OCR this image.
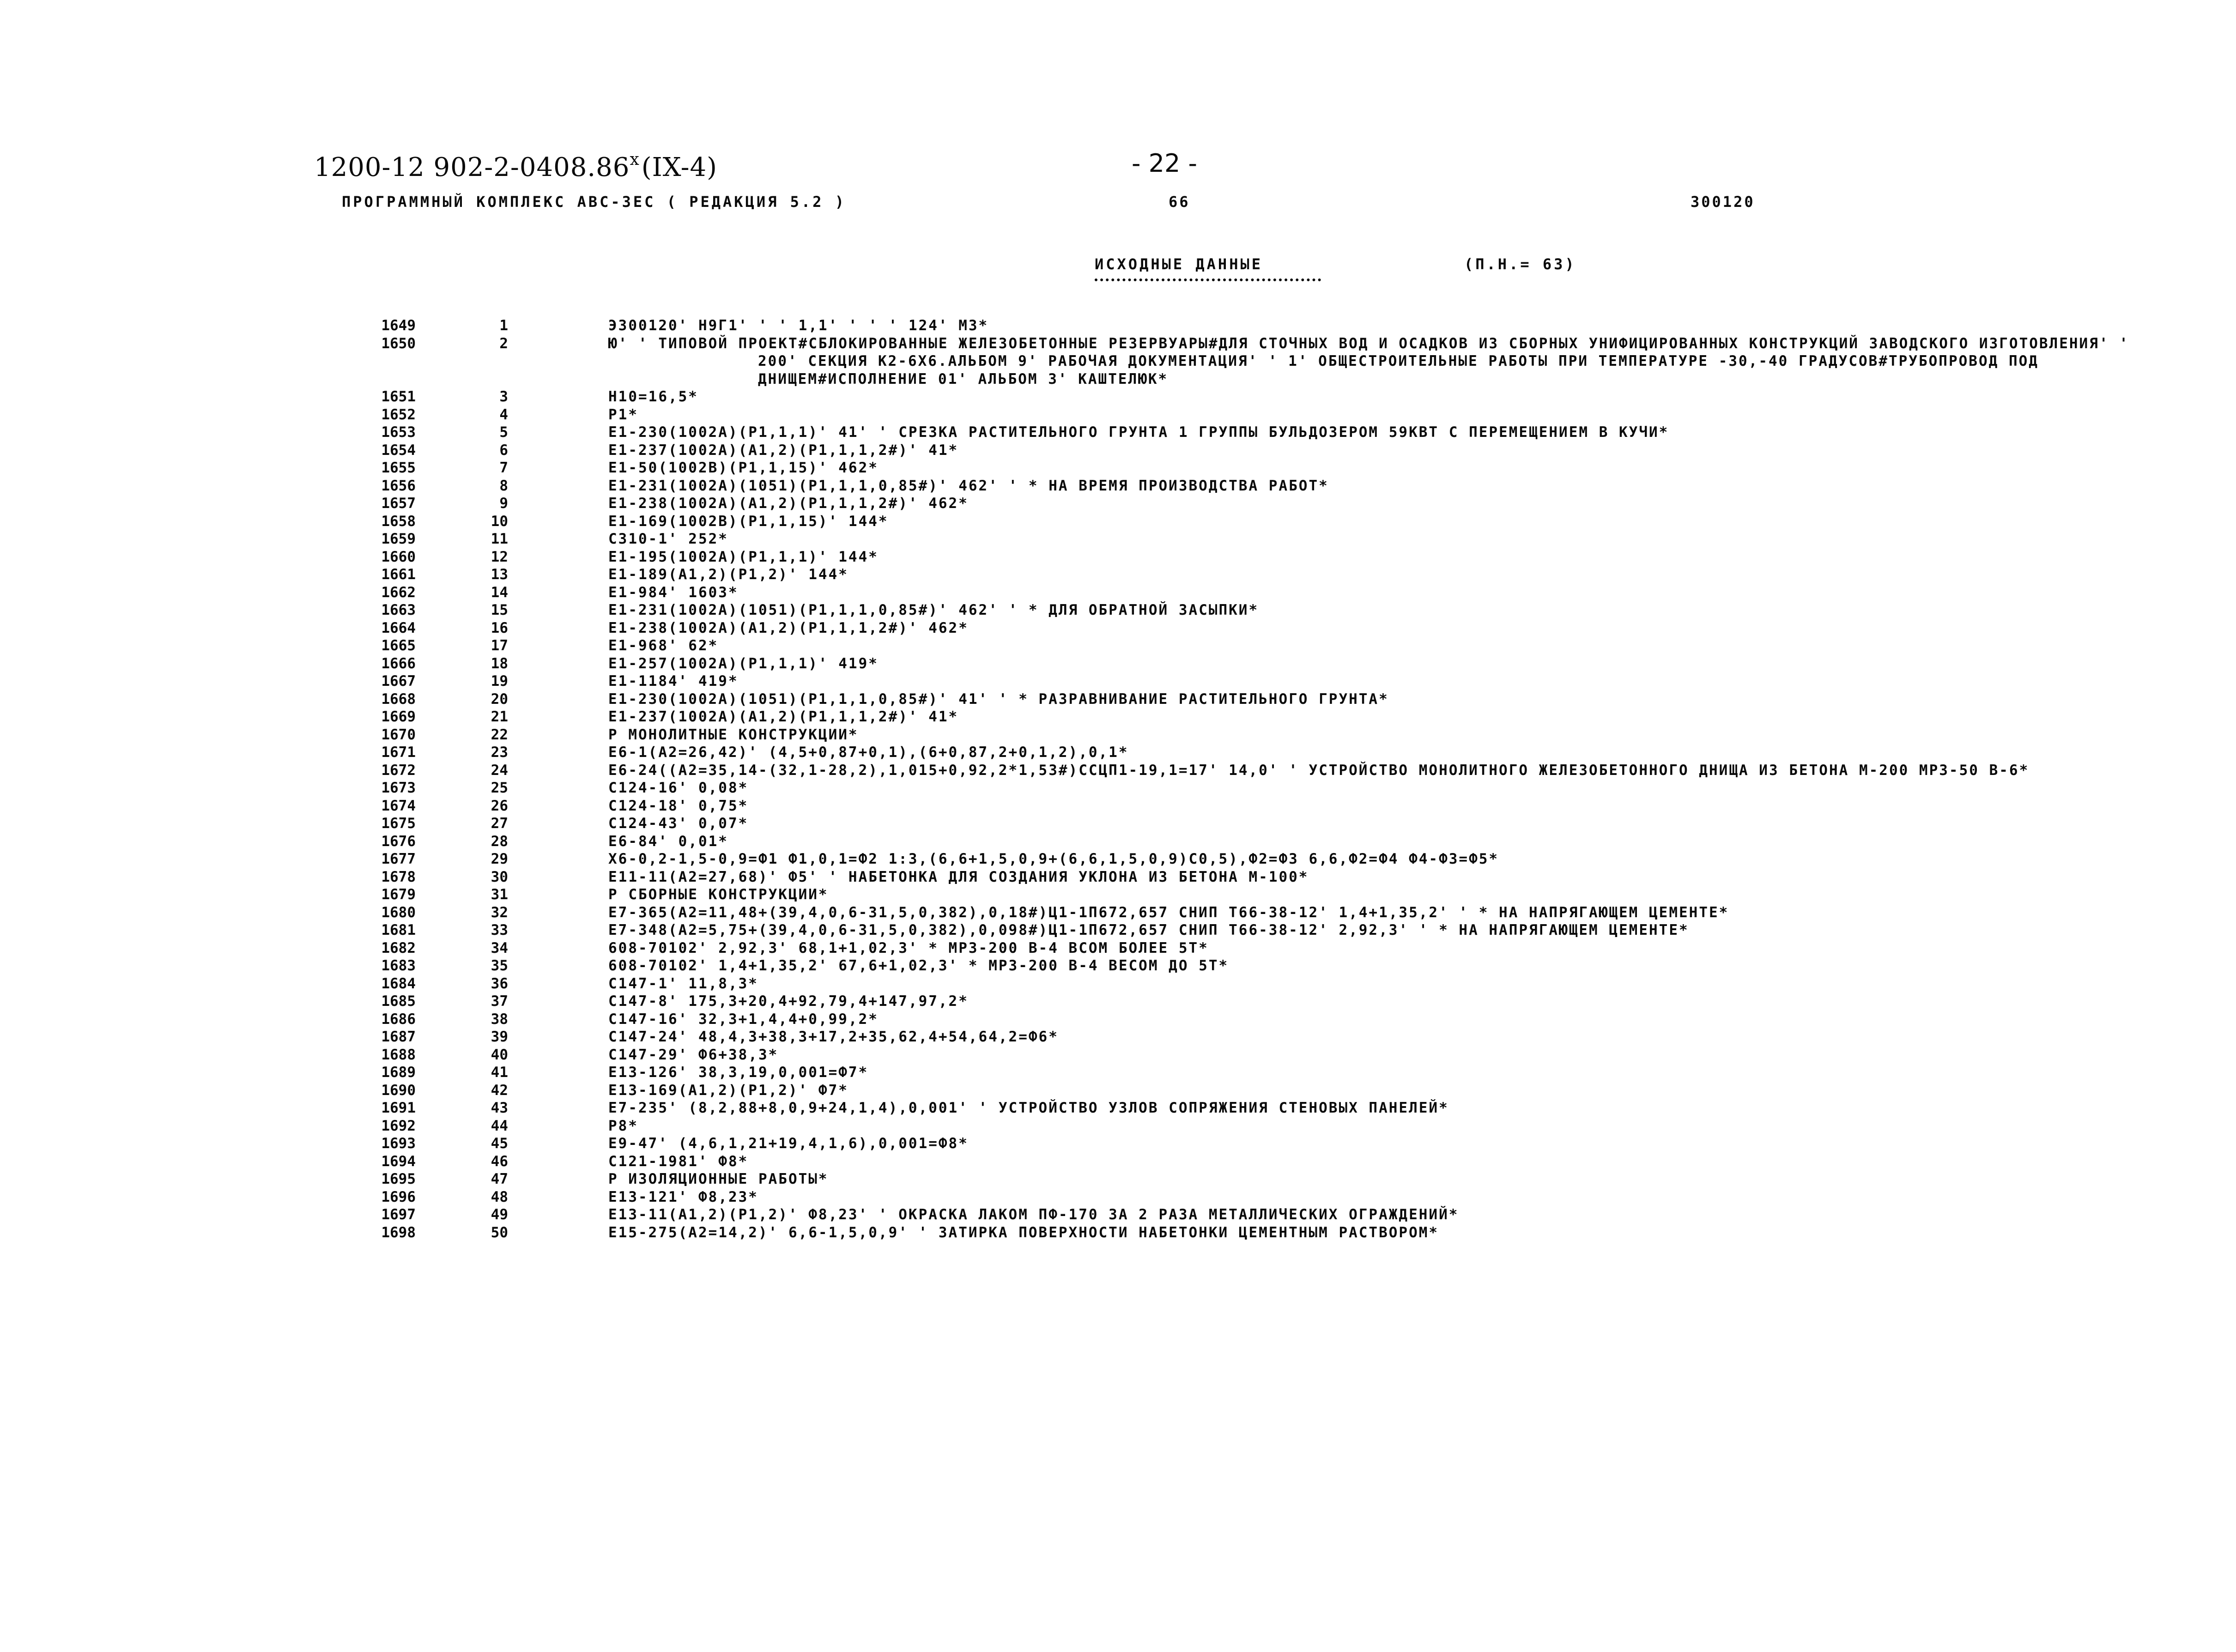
1200-12 902-2-0408.86$^x$(IX-4)	- 22 -
ПРОГРАММНЫЙ КОМПЛЕКС АВС-3ЕС ( РЕДАКЦИЯ 5.2 )	66	300120
ИСХОДНЫЕ ДАННЫЕ	(П.Н.= 63)
1649	1	Э300120' Н9Г1' ' ' 1,1' ' ' ' 124' М3*
1650	2	Ю' ' ТИПОВОЙ ПРОЕКТ#СБЛОКИРОВАННЫЕ ЖЕЛЕЗОБЕТОННЫЕ РЕЗЕРВУАРЫ#ДЛЯ СТОЧНЫХ ВОД И ОСАДКОВ ИЗ СБОРНЫХ УНИФИЦИРОВАННЫХ КОНСТРУКЦИЙ ЗАВОДСКОГО ИЗГОТОВЛЕНИЯ' ' 200' СЕКЦИЯ К2-6Х6.АЛЬБОМ 9' РАБОЧАЯ ДОКУМЕНТАЦИЯ' ' 1' ОБЩЕСТРОИТЕЛЬНЫЕ РАБОТЫ ПРИ ТЕМПЕРАТУРЕ -30,-40 ГРАДУСОВ#ТРУБОПРОВОД ПОД ДНИЩЕМ#ИСПОЛНЕНИЕ 01' АЛЬБОМ 3' КАШТЕЛЮК*
1651	3	Н10=16,5*
1652	4	Р1*
1653	5	Е1-230(1002А)(Р1,1,1)' 41' ' СРЕЗКА РАСТИТЕЛЬНОГО ГРУНТА 1 ГРУППЫ БУЛЬДОЗЕРОМ 59КВТ С ПЕРЕМЕЩЕНИЕМ В КУЧИ*
1654	6	Е1-237(1002А)(А1,2)(Р1,1,1,2#)' 41*
1655	7	Е1-50(1002В)(Р1,1,15)' 462*
1656	8	Е1-231(1002А)(1051)(Р1,1,1,0,85#)' 462' ' * НА ВРЕМЯ ПРОИЗВОДСТВА РАБОТ*
1657	9	Е1-238(1002А)(А1,2)(Р1,1,1,2#)' 462*
1658	10	Е1-169(1002В)(Р1,1,15)' 144*
1659	11	С310-1' 252*
1660	12	Е1-195(1002А)(Р1,1,1)' 144*
1661	13	Е1-189(А1,2)(Р1,2)' 144*
1662	14	Е1-984' 1603*
1663	15	Е1-231(1002А)(1051)(Р1,1,1,0,85#)' 462' ' * ДЛЯ ОБРАТНОЙ ЗАСЫПКИ*
1664	16	Е1-238(1002А)(А1,2)(Р1,1,1,2#)' 462*
1665	17	Е1-968' 62*
1666	18	Е1-257(1002А)(Р1,1,1)' 419*
1667	19	Е1-1184' 419*
1668	20	Е1-230(1002А)(1051)(Р1,1,1,0,85#)' 41' ' * РАЗРАВНИВАНИЕ РАСТИТЕЛЬНОГО ГРУНТА*
1669	21	Е1-237(1002А)(А1,2)(Р1,1,1,2#)' 41*
1670	22	Р МОНОЛИТНЫЕ КОНСТРУКЦИИ*
1671	23	Е6-1(А2=26,42)' (4,5+0,87+0,1),(6+0,87,2+0,1,2),0,1*
1672	24	Е6-24((А2=35,14-(32,1-28,2),1,015+0,92,2*1,53#)ССЦП1-19,1=17' 14,0' ' УСТРОЙСТВО МОНОЛИТНОГО ЖЕЛЕЗОБЕТОННОГО ДНИЩА ИЗ БЕТОНА М-200 МРЗ-50 В-6*
1673	25	С124-16' 0,08*
1674	26	С124-18' 0,75*
1675	27	С124-43' 0,07*
1676	28	Е6-84' 0,01*
1677	29	Х6-0,2-1,5-0,9=Ф1 Ф1,0,1=Ф2 1:3,(6,6+1,5,0,9+(6,6,1,5,0,9)С0,5),Ф2=Ф3 6,6,Ф2=Ф4 Ф4-Ф3=Ф5*
1678	30	Е11-11(А2=27,68)' Ф5' ' НАБЕТОНКА ДЛЯ СОЗДАНИЯ УКЛОНА ИЗ БЕТОНА М-100*
1679	31	Р СБОРНЫЕ КОНСТРУКЦИИ*
1680	32	Е7-365(А2=11,48+(39,4,0,6-31,5,0,382),0,18#)Ц1-1П672,657 СНИП Т66-38-12' 1,4+1,35,2' ' * НА НАПРЯГАЮЩЕМ ЦЕМЕНТЕ*
1681	33	Е7-348(А2=5,75+(39,4,0,6-31,5,0,382),0,098#)Ц1-1П672,657 СНИП Т66-38-12' 2,92,3' ' * НА НАПРЯГАЮЩЕМ ЦЕМЕНТЕ*
1682	34	608-70102' 2,92,3' 68,1+1,02,3' * МРЗ-200 В-4 ВСОМ БОЛЕЕ 5Т*
1683	35	608-70102' 1,4+1,35,2' 67,6+1,02,3' * МРЗ-200 В-4 ВЕСОМ ДО 5Т*
1684	36	С147-1' 11,8,3*
1685	37	С147-8' 175,3+20,4+92,79,4+147,97,2*
1686	38	С147-16' 32,3+1,4,4+0,99,2*
1687	39	С147-24' 48,4,3+38,3+17,2+35,62,4+54,64,2=Ф6*
1688	40	С147-29' Ф6+38,3*
1689	41	Е13-126' 38,3,19,0,001=Ф7*
1690	42	Е13-169(А1,2)(Р1,2)' Ф7*
1691	43	Е7-235' (8,2,88+8,0,9+24,1,4),0,001' ' УСТРОЙСТВО УЗЛОВ СОПРЯЖЕНИЯ СТЕНОВЫХ ПАНЕЛЕЙ*
1692	44	Р8*
1693	45	Е9-47' (4,6,1,21+19,4,1,6),0,001=Ф8*
1694	46	С121-1981' Ф8*
1695	47	Р ИЗОЛЯЦИОННЫЕ РАБОТЫ*
1696	48	Е13-121' Ф8,23*
1697	49	Е13-11(А1,2)(Р1,2)' Ф8,23' ' ОКРАСКА ЛАКОМ ПФ-170 ЗА 2 РАЗА МЕТАЛЛИЧЕСКИХ ОГРАЖДЕНИЙ*
1698	50	Е15-275(А2=14,2)' 6,6-1,5,0,9' ' ЗАТИРКА ПОВЕРХНОСТИ НАБЕТОНКИ ЦЕМЕНТНЫМ РАСТВОРОМ*
